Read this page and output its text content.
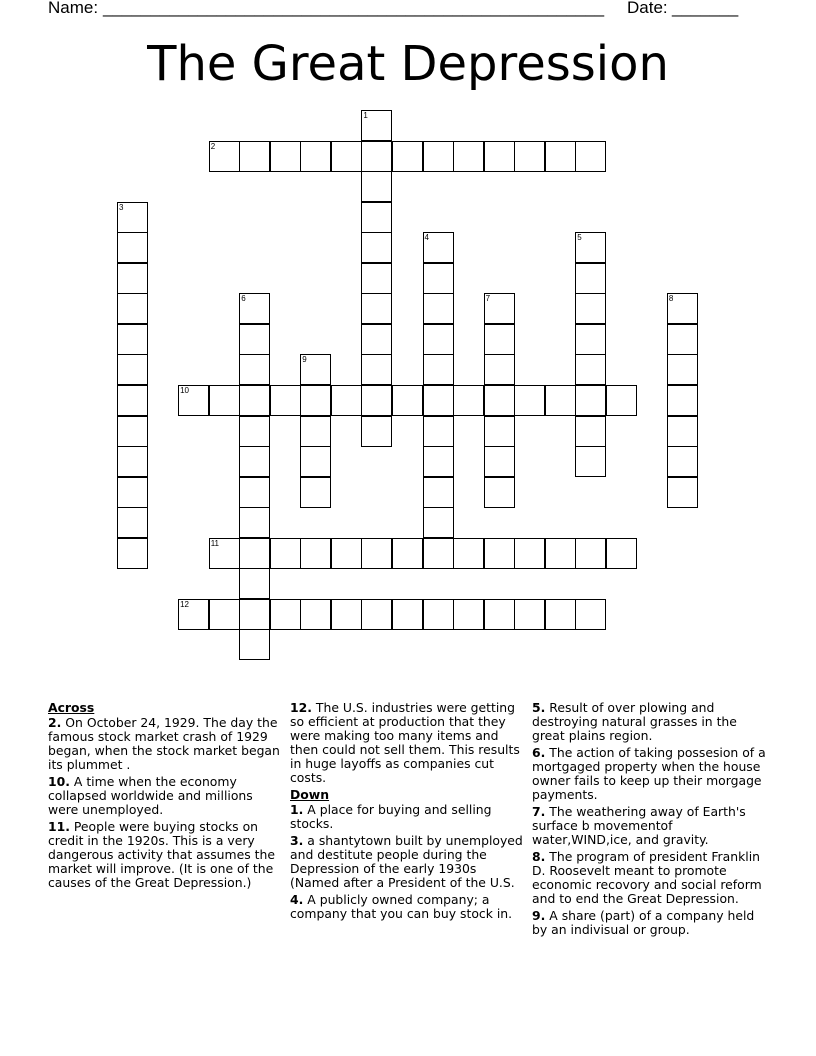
Name: _____________________________________________________ Date: _______
The Great Depression
1
2
3
4	5
6	7	8
9
10
11
12
Across
2. On October 24, 1929. The day the famous stock market crash of 1929 began, when the stock market began its plummet .
10. A time when the economy collapsed worldwide and millions were unemployed.
11. People were buying stocks on credit in the 1920s. This is a very dangerous activity that assumes the market will improve. (It is one of the causes of the Great Depression.)
12. The U.S. industries were getting so efficient at production that they were making too many items and then could not sell them. This results in huge layoffs as companies cut costs.
Down
1. A place for buying and selling stocks.
3. a shantytown built by unemployed and destitute people during the Depression of the early 1930s (Named after a President of the U.S.
4. A publicly owned company; a company that you can buy stock in.
5. Result of over plowing and destroying natural grasses in the great plains region.
6. The action of taking possesion of a mortgaged property when the house owner fails to keep up their morgage payments.
7. The weathering away of Earth's surface b movementof water,WIND,ice, and gravity.
8. The program of president Franklin D. Roosevelt meant to promote economic recovory and social reform and to end the Great Depression.
9. A share (part) of a company held by an indivisual or group.
